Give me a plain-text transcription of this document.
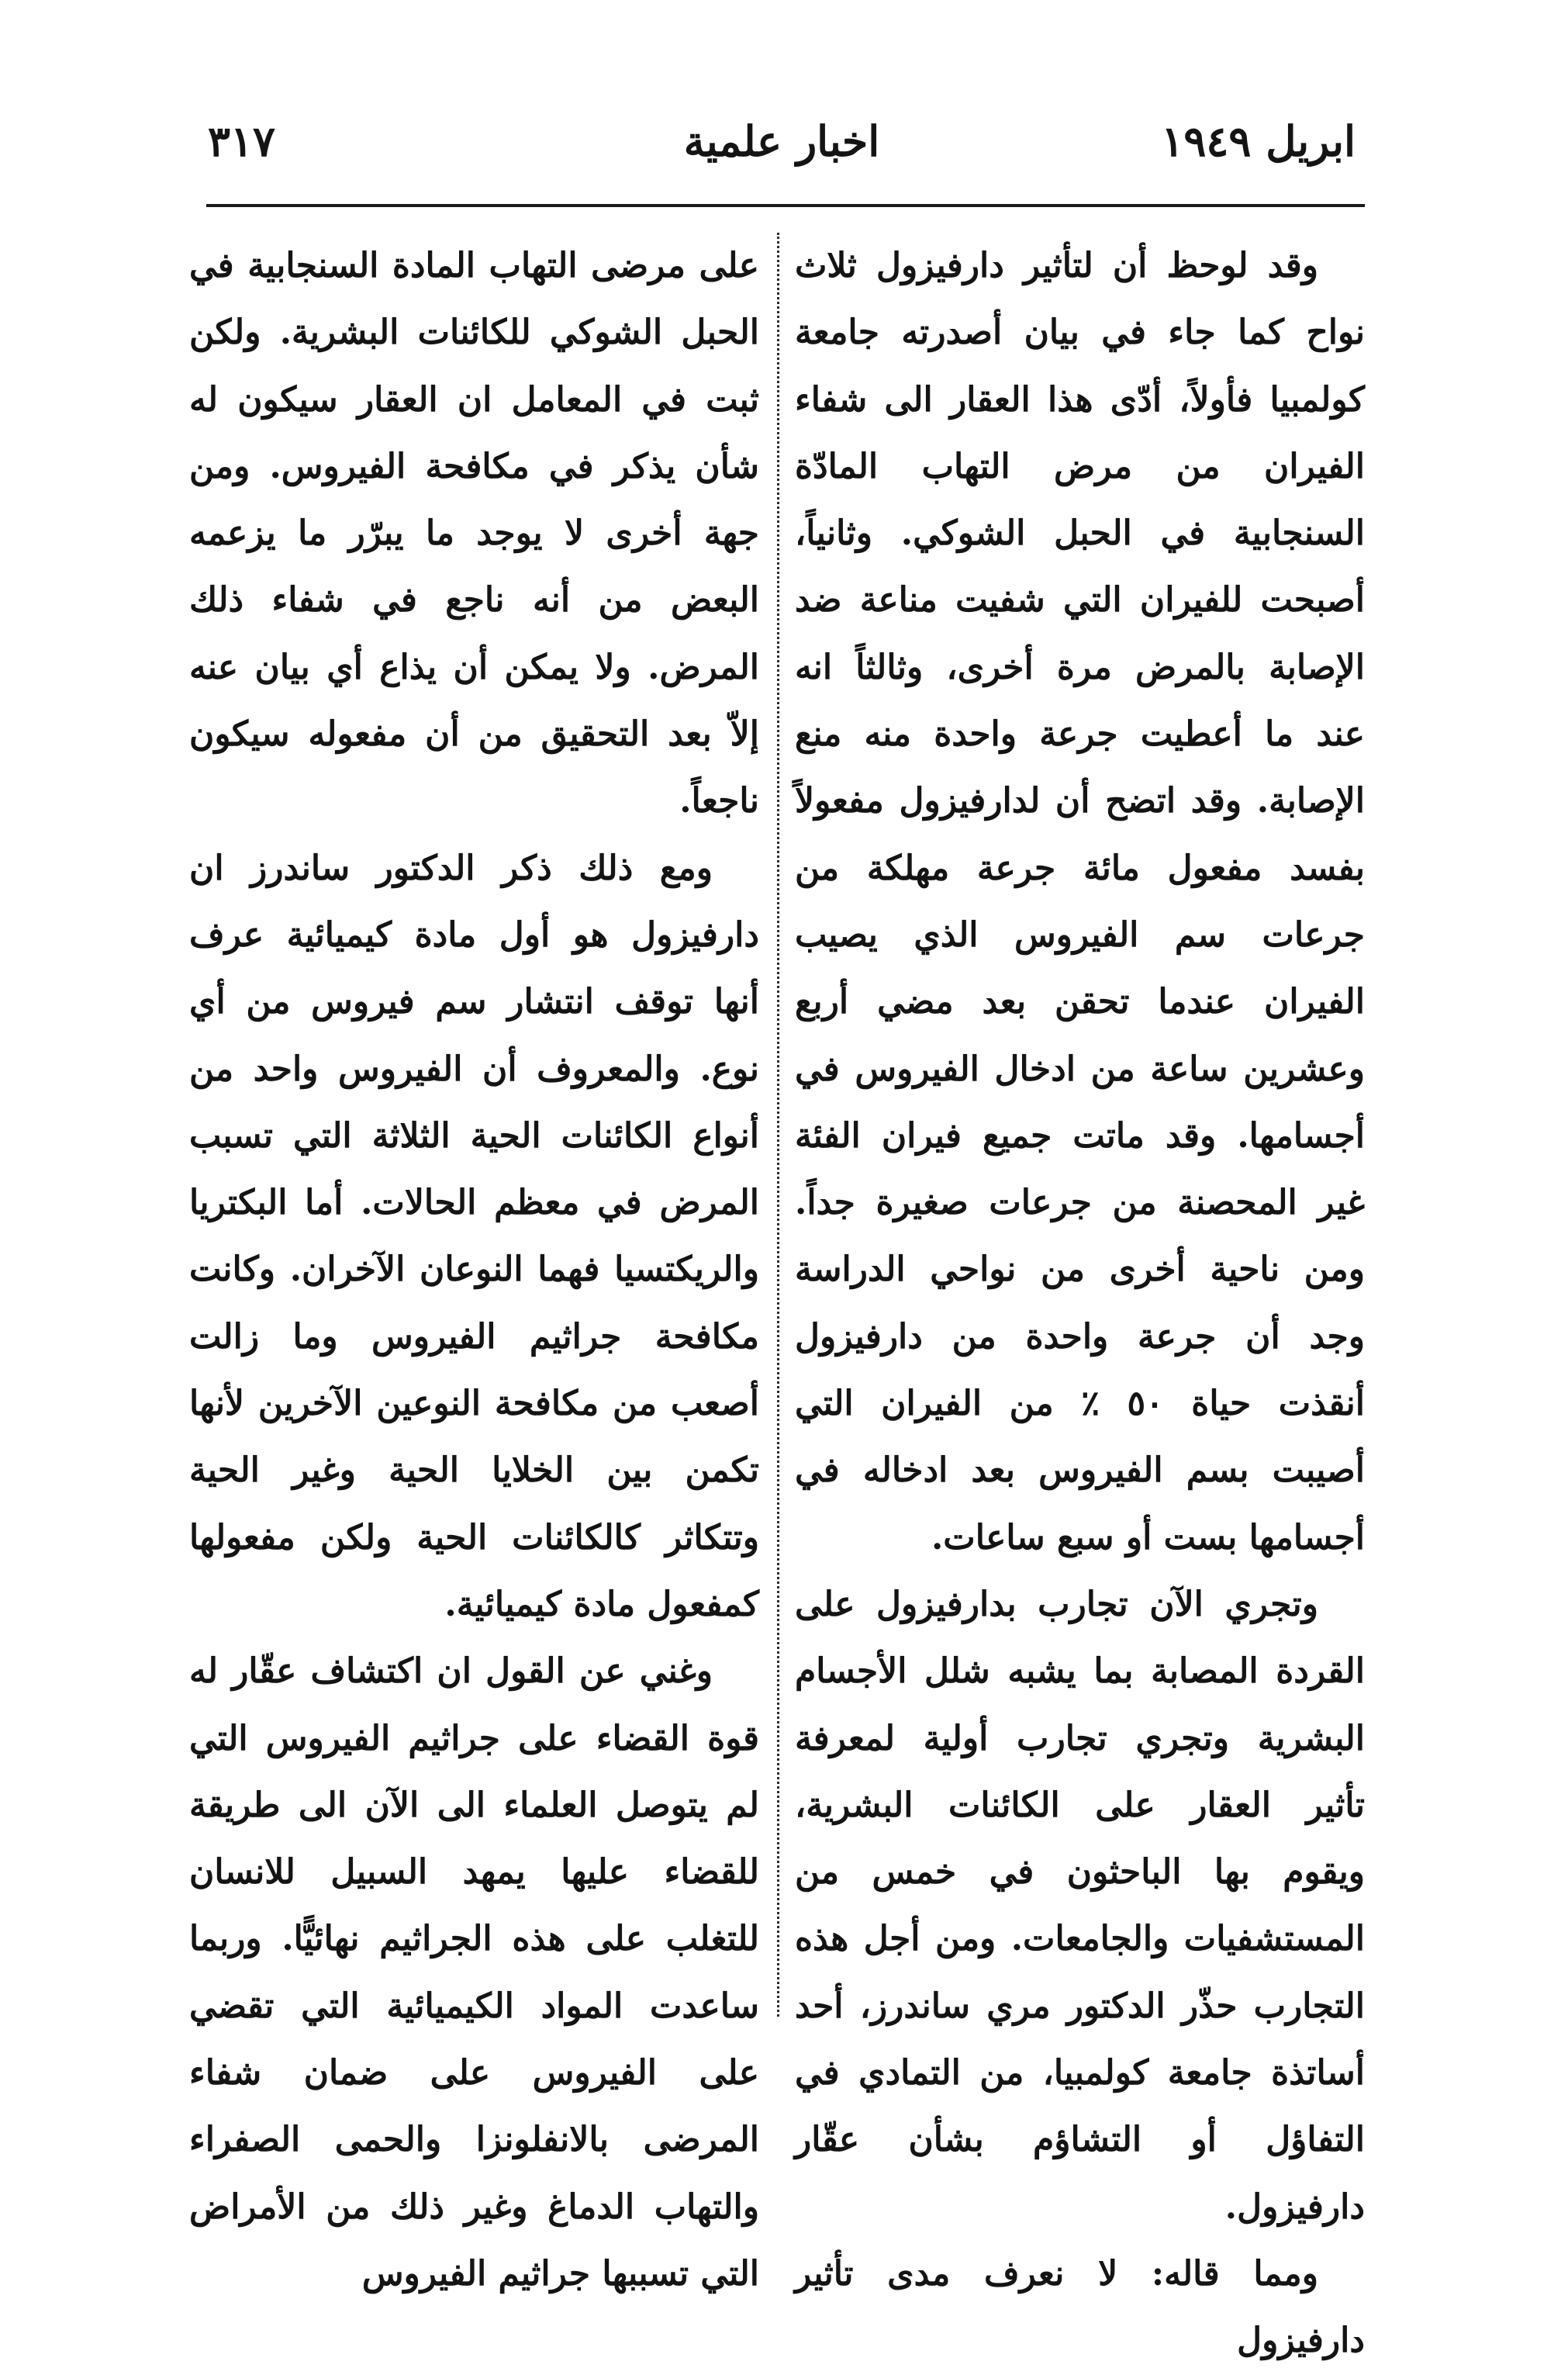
ابريل ١٩٤٩
اخبار علمية
٣١٧

وقد لوحظ أن لتأثير دارفيزول ثلاث نواح كما جاء في بيان أصدرته جامعة كولمبيا فأولاً، أدّى هذا العقار الى شفاء الفيران من مرض التهاب المادّة السنجابية في الحبل الشوكي. وثانياً، أصبحت للفيران التي شفيت مناعة ضد الإصابة بالمرض مرة أخرى، وثالثاً انه عند ما أعطيت جرعة واحدة منه منع الإصابة. وقد اتضح أن لدارفيزول مفعولاً بفسد مفعول مائة جرعة مهلكة من جرعات سم الفيروس الذي يصيب الفيران عندما تحقن بعد مضي أربع وعشرين ساعة من ادخال الفيروس في أجسامها. وقد ماتت جميع فيران الفئة غير المحصنة من جرعات صغيرة جداً. ومن ناحية أخرى من نواحي الدراسة وجد أن جرعة واحدة من دارفيزول أنقذت حياة ٥٠ ٪ من الفيران التي أصيبت بسم الفيروس بعد ادخاله في أجسامها بست أو سبع ساعات.

وتجري الآن تجارب بدارفيزول على القردة المصابة بما يشبه شلل الأجسام البشرية وتجري تجارب أولية لمعرفة تأثير العقار على الكائنات البشرية، ويقوم بها الباحثون في خمس من المستشفيات والجامعات. ومن أجل هذه التجارب حذّر الدكتور مري ساندرز، أحد أساتذة جامعة كولمبيا، من التمادي في التفاؤل أو التشاؤم بشأن عقّار دارفيزول.

ومما قاله: لا نعرف مدى تأثير دارفيزول

على مرضى التهاب المادة السنجابية في الحبل الشوكي للكائنات البشرية. ولكن ثبت في المعامل ان العقار سيكون له شأن يذكر في مكافحة الفيروس. ومن جهة أخرى لا يوجد ما يبرّر ما يزعمه البعض من أنه ناجع في شفاء ذلك المرض. ولا يمكن أن يذاع أي بيان عنه إلاّ بعد التحقيق من أن مفعوله سيكون ناجعاً.

ومع ذلك ذكر الدكتور ساندرز ان دارفيزول هو أول مادة كيميائية عرف أنها توقف انتشار سم فيروس من أي نوع. والمعروف أن الفيروس واحد من أنواع الكائنات الحية الثلاثة التي تسبب المرض في معظم الحالات. أما البكتريا والريكتسيا فهما النوعان الآخران. وكانت مكافحة جراثيم الفيروس وما زالت أصعب من مكافحة النوعين الآخرين لأنها تكمن بين الخلايا الحية وغير الحية وتتكاثر كالكائنات الحية ولكن مفعولها كمفعول مادة كيميائية.

وغني عن القول ان اكتشاف عقّار له قوة القضاء على جراثيم الفيروس التي لم يتوصل العلماء الى الآن الى طريقة للقضاء عليها يمهد السبيل للانسان للتغلب على هذه الجراثيم نهائيًّا. وربما ساعدت المواد الكيميائية التي تقضي على الفيروس على ضمان شفاء المرضى بالانفلونزا والحمى الصفراء والتهاب الدماغ وغير ذلك من الأمراض التي تسببها جراثيم الفيروس
